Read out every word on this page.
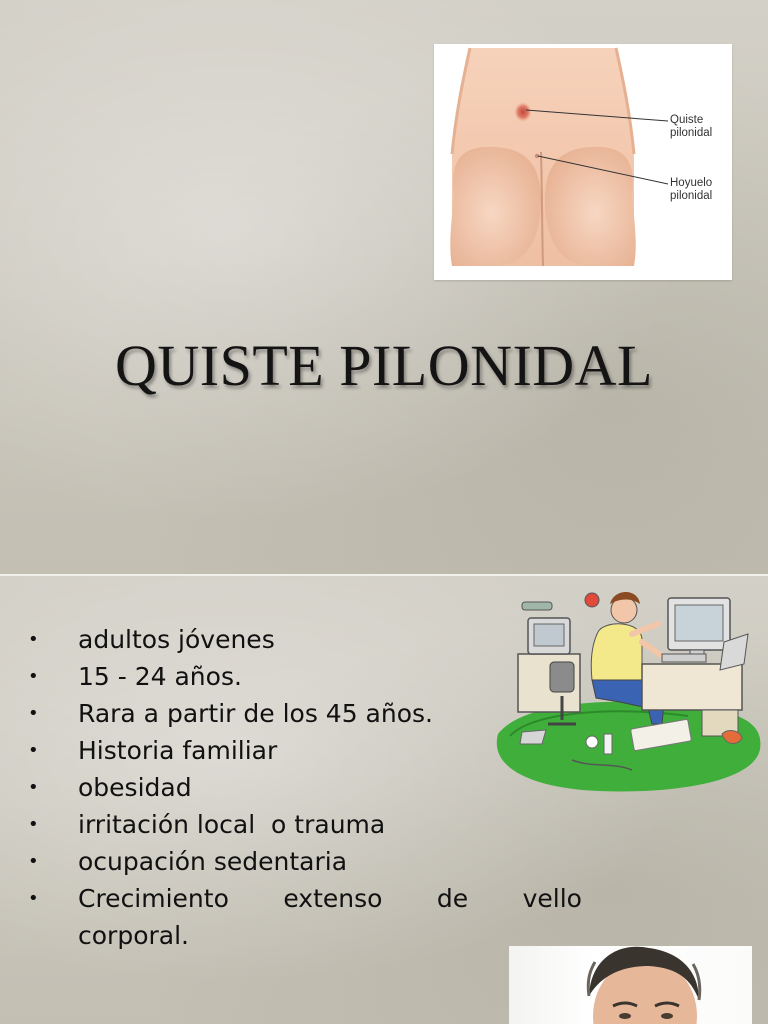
Quiste
pilonidal
Hoyuelo
pilonidal
QUISTE PILONIDAL
•	adultos jóvenes
•	15 - 24 años.
•	Rara a partir de los 45 años.
•	Historia familiar
•	obesidad
•	irritación local  o trauma
•	ocupación sedentaria
•	Crecimiento extenso de vello
corporal.
